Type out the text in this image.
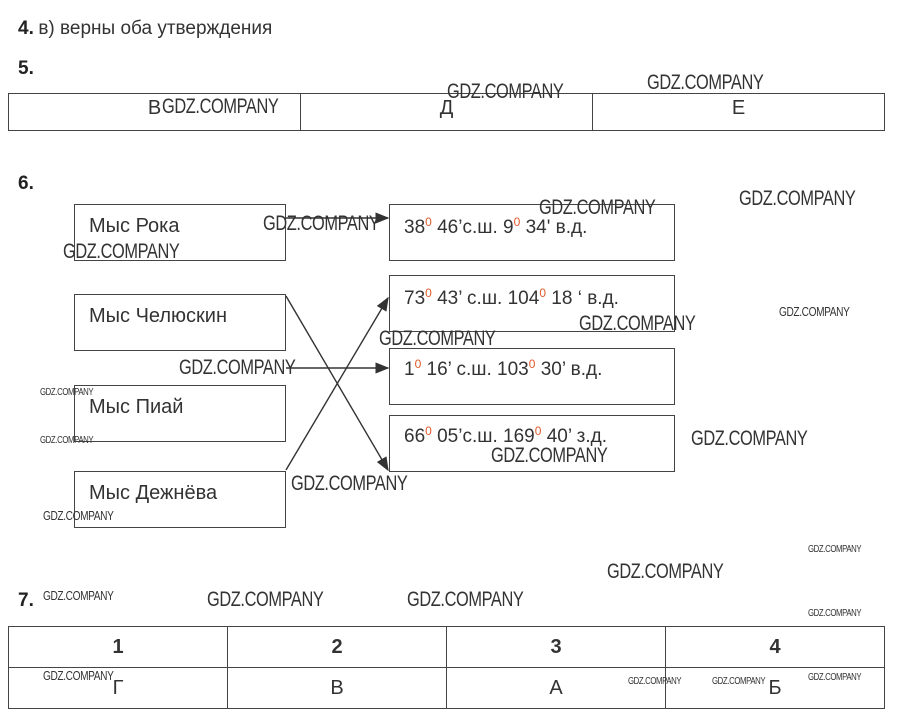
4. в) верны оба утверждения
5.
В	Д	Е
6.
Мыс Рока
Мыс Челюскин
Мыс Пиай
Мыс Дежнёва
$38^0$ 46’с.ш. $9^0$ 34' в.д.
$73^0$ 43’ с.ш. $104^0$ 18 ‘ в.д.
$1^0$ 16’ с.ш. $103^0$ 30’ в.д.
$66^0$ 05’с.ш. $169^0$ 40’ з.д.
7.
1	2	3	4
Г	В	А	Б
GDZ.COMPANY
GDZ.COMPANY	GDZ.COMPANY
GDZ.COMPANY	GDZ.COMPANY
GDZ.COMPANY
GDZ.COMPANY
GDZ.COMPANY
GDZ.COMPANY
GDZ.COMPANY
GDZ.COMPANY
GDZ.COMPANY
GDZ.COMPANY	GDZ.COMPANY
GDZ.COMPANY
GDZ.COMPANY
GDZ.COMPANY
GDZ.COMPANY
GDZ.COMPANY
GDZ.COMPANY	GDZ.COMPANY
GDZ.COMPANY
GDZ.COMPANY
GDZ.COMPANY	GDZ.COMPANY	GDZ.COMPANY	GDZ.COMPANY
